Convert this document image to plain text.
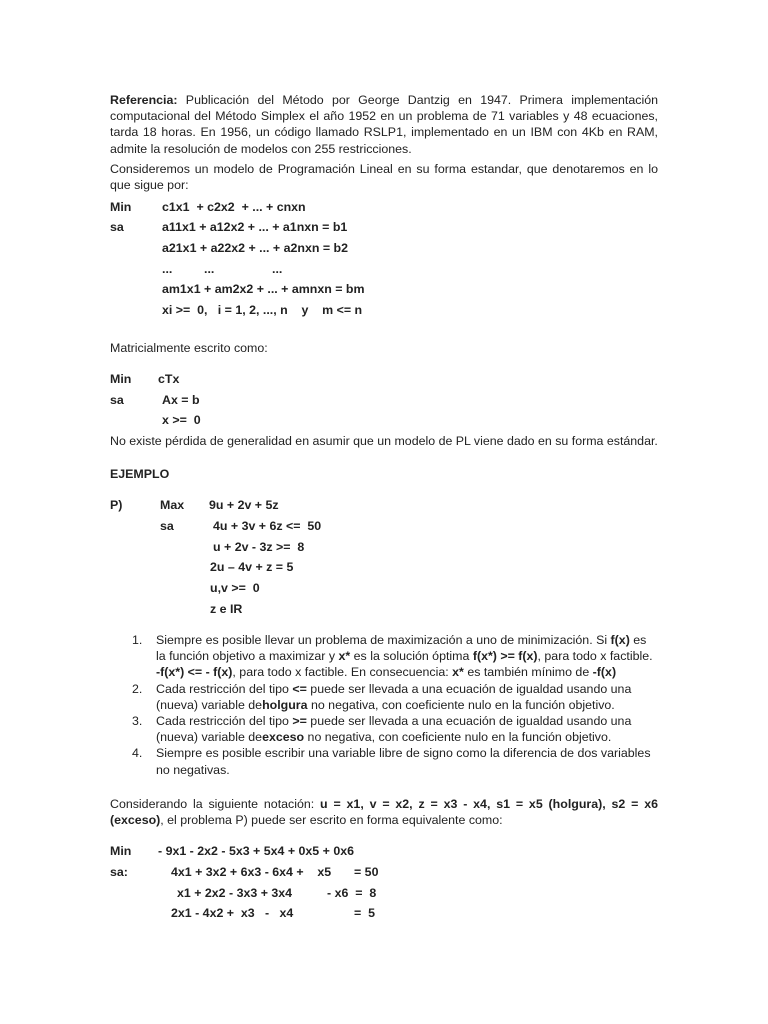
Referencia: Publicación del Método por George Dantzig en 1947. Primera implementación computacional del Método Simplex el año 1952 en un problema de 71 variables y 48 ecuaciones, tarda 18 horas. En 1956, un código llamado RSLP1, implementado en un IBM con 4Kb en RAM, admite la resolución de modelos con 255 restricciones.
Consideremos un modelo de Programación Lineal en su forma estandar, que denotaremos en lo que sigue por:
Min c1x1  + c2x2  + ... + cnxn
sa	a11x1 + a12x2 + ... + a1nxn = b1
a21x1 + a22x2 + ... + a2nxn = b2
...	...	...
am1x1 + am2x2 + ... + amnxn = bm
xi >=  0,   i = 1, 2, ..., n    y    m <= n
Matricialmente escrito como:
Min cTx
sa	Ax = b
x >=  0
No existe pérdida de generalidad en asumir que un modelo de PL viene dado en su forma estándar.
EJEMPLO
P)	Max 9u + 2v + 5z
sa	4u + 3v + 6z <=  50
u + 2v - 3z >=  8
2u – 4v + z = 5
u,v >=  0
z e IR
1. Siempre es posible llevar un problema de maximización a uno de minimización. Si f(x) es la función objetivo a maximizar y x* es la solución óptima f(x*) >= f(x), para todo x factible. -f(x*) <= - f(x), para todo x factible. En consecuencia: x* es también mínimo de -f(x)
2. Cada restricción del tipo <= puede ser llevada a una ecuación de igualdad usando una (nueva) variable deholgura no negativa, con coeficiente nulo en la función objetivo.
3. Cada restricción del tipo >= puede ser llevada a una ecuación de igualdad usando una (nueva) variable deexceso no negativa, con coeficiente nulo en la función objetivo.
4. Siempre es posible escribir una variable libre de signo como la diferencia de dos variables no negativas.
Considerando la siguiente notación: u = x1, v = x2, z = x3 - x4, s1 = x5 (holgura), s2 = x6 (exceso), el problema P) puede ser escrito en forma equivalente como:
Min - 9x1 - 2x2 - 5x3 + 5x4 + 0x5 + 0x6
sa:	4x1 + 3x2 + 6x3 - 6x4 +    x5 = 50
x1 + 2x2 - 3x3 + 3x4	- x6  =  8
2x1 - 4x2 +  x3   -   x4	=  5
